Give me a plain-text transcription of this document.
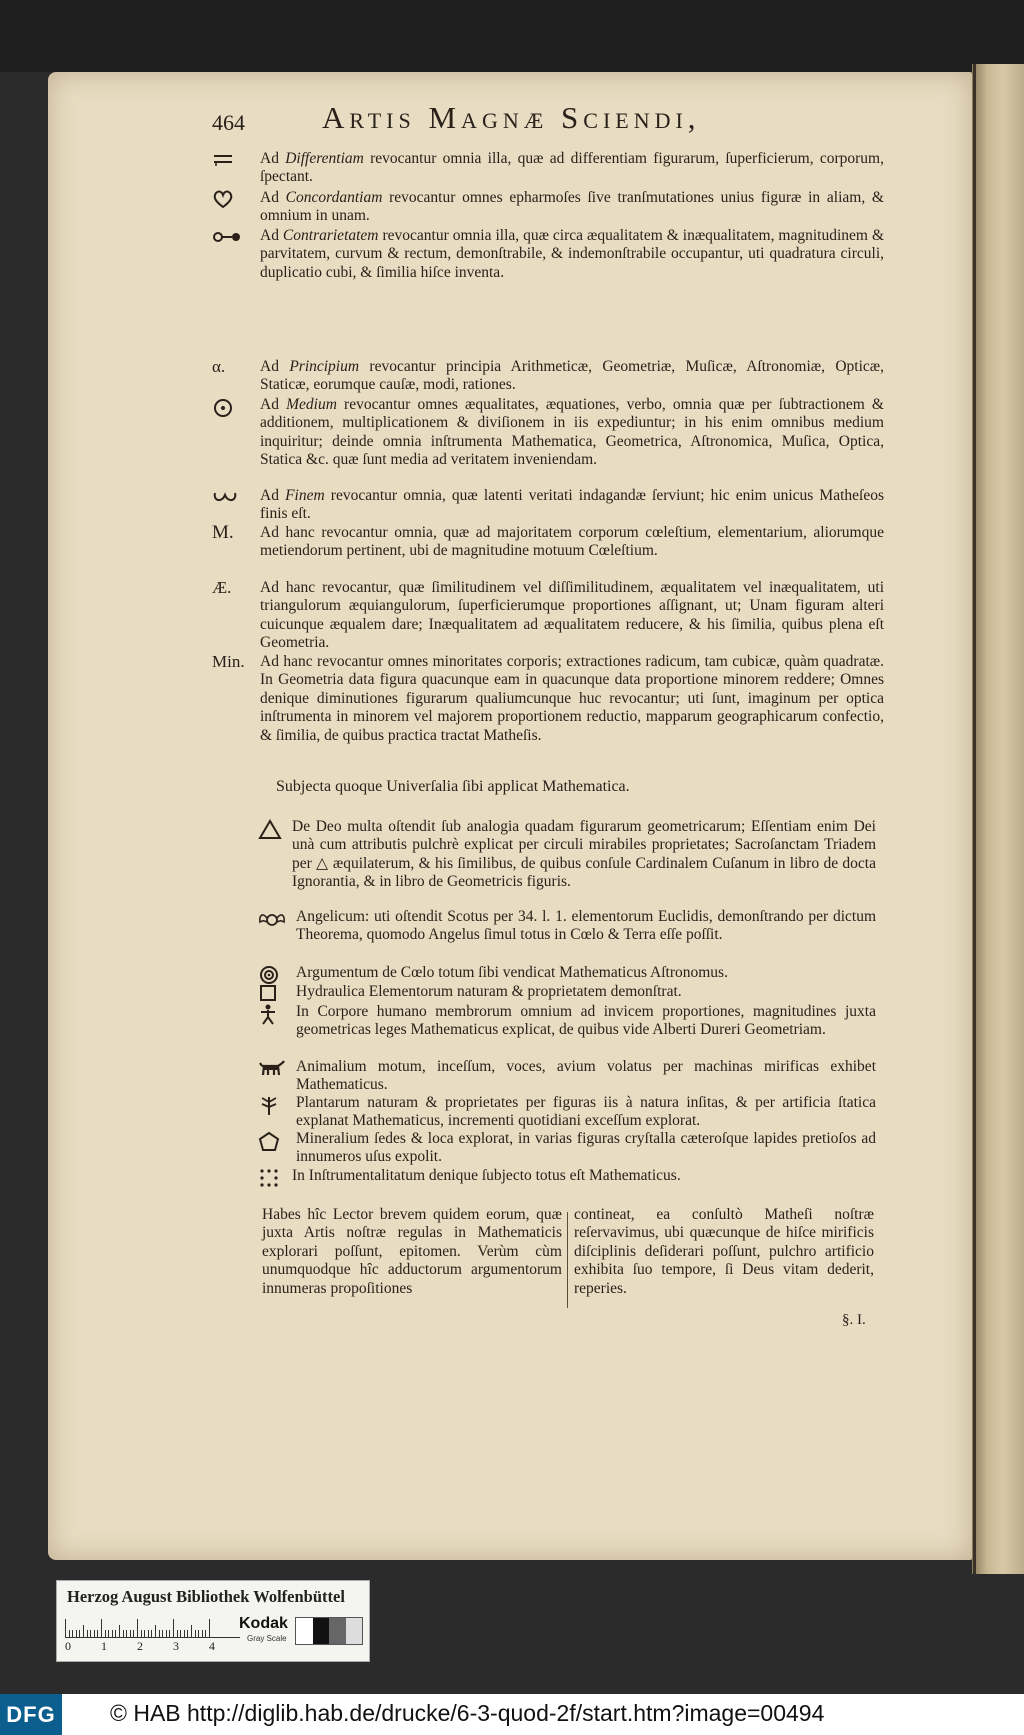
464 Artis Magnæ Sciendi,
Ad Differentiam revocantur omnia illa, quæ ad differentiam figurarum, ſuperficierum, corporum, ſpectant.
Ad Concordantiam revocantur omnes epharmoſes ſive tranſmutationes unius figuræ in aliam, & omnium in unam.
Ad Contrarietatem revocantur omnia illa, quæ circa æqualitatem & inæqualitatem, magnitudinem & parvitatem, curvum & rectum, demonſtrabile, & indemonſtrabile occupantur, uti quadratura circuli, duplicatio cubi, & ſimilia hiſce inventa.
α.	Ad Principium revocantur principia Arithmeticæ, Geometriæ, Muſicæ, Aſtronomiæ, Opticæ, Staticæ, eorumque cauſæ, modi, rationes.
Ad Medium revocantur omnes æqualitates, æquationes, verbo, omnia quæ per ſubtractionem & additionem, multiplicationem & diviſionem in iis expediuntur; in his enim omnibus medium inquiritur; deinde omnia inſtrumenta Mathematica, Geometrica, Aſtronomica, Muſica, Optica, Statica &c. quæ ſunt media ad veritatem inveniendam.
Ad Finem revocantur omnia, quæ latenti veritati indagandæ ſerviunt; hic enim unicus Matheſeos finis eſt.
M.	Ad hanc revocantur omnia, quæ ad majoritatem corporum cœleſtium, elementarium, aliorumque metiendorum pertinent, ubi de magnitudine motuum Cœleſtium.
Æ.	Ad hanc revocantur, quæ ſimilitudinem vel diſſimilitudinem, æqualitatem vel inæqualitatem, uti triangulorum æquiangulorum, ſuperficierumque proportiones aſſignant, ut; Unam figuram alteri cuicunque æqualem dare; Inæqualitatem ad æqualitatem reducere, & his ſimilia, quibus plena eſt Geometria.
Min. Ad hanc revocantur omnes minoritates corporis; extractiones radicum, tam cubicæ, quàm quadratæ. In Geometria data figura quacunque eam in quacunque data proportione minorem reddere; Omnes denique diminutiones figurarum qualiumcunque huc revocantur; uti ſunt, imaginum per optica inſtrumenta in minorem vel majorem proportionem reductio, mapparum geographicarum confectio, & ſimilia, de quibus practica tractat Matheſis.
Subjecta quoque Univerſalia ſibi applicat Mathematica.
De Deo multa oſtendit ſub analogia quadam figurarum geometricarum; Eſſentiam enim Dei unà cum attributis pulchrè explicat per circuli mirabiles proprietates; Sacroſanctam Triadem per △ æquilaterum, & his ſimilibus, de quibus conſule Cardinalem Cuſanum in libro de docta Ignorantia, & in libro de Geometricis figuris.
Angelicum: uti oſtendit Scotus per 34. l. 1. elementorum Euclidis, demonſtrando per dictum Theorema, quomodo Angelus ſimul totus in Cœlo & Terra eſſe poſſit.
Argumentum de Cœlo totum ſibi vendicat Mathematicus Aſtronomus.
Hydraulica Elementorum naturam & proprietatem demonſtrat.
In Corpore humano membrorum omnium ad invicem proportiones, magnitudines juxta geometricas leges Mathematicus explicat, de quibus vide Alberti Dureri Geometriam.
Animalium motum, inceſſum, voces, avium volatus per machinas mirificas exhibet Mathematicus.
Plantarum naturam & proprietates per figuras iis à natura inſitas, & per artificia ſtatica explanat Mathematicus, incrementi quotidiani exceſſum explorat.
Mineralium ſedes & loca explorat, in varias figuras cryſtalla cæteroſque lapides pretioſos ad innumeros uſus expolit.
In Inſtrumentalitatum denique ſubjecto totus eſt Mathematicus.
Habes hîc Lector brevem quidem eorum, quæ juxta Artis noſtræ regulas in Mathematicis explorari poſſunt, epitomen. Verùm cùm unumquodque hîc adductorum argumentorum innumeras propoſitiones
contineat, ea conſultò Matheſi noſtræ reſervavimus, ubi quæcunque de hiſce mirificis diſciplinis deſiderari poſſunt, pulchro artificio exhibita ſuo tempore, ſi Deus vitam dederit, reperies.
§. I.
Herzog August Bibliothek Wolfenbüttel
0	1	2	3	4
Kodak
Gray Scale
DFG © HAB http://diglib.hab.de/drucke/6-3-quod-2f/start.htm?image=00494
